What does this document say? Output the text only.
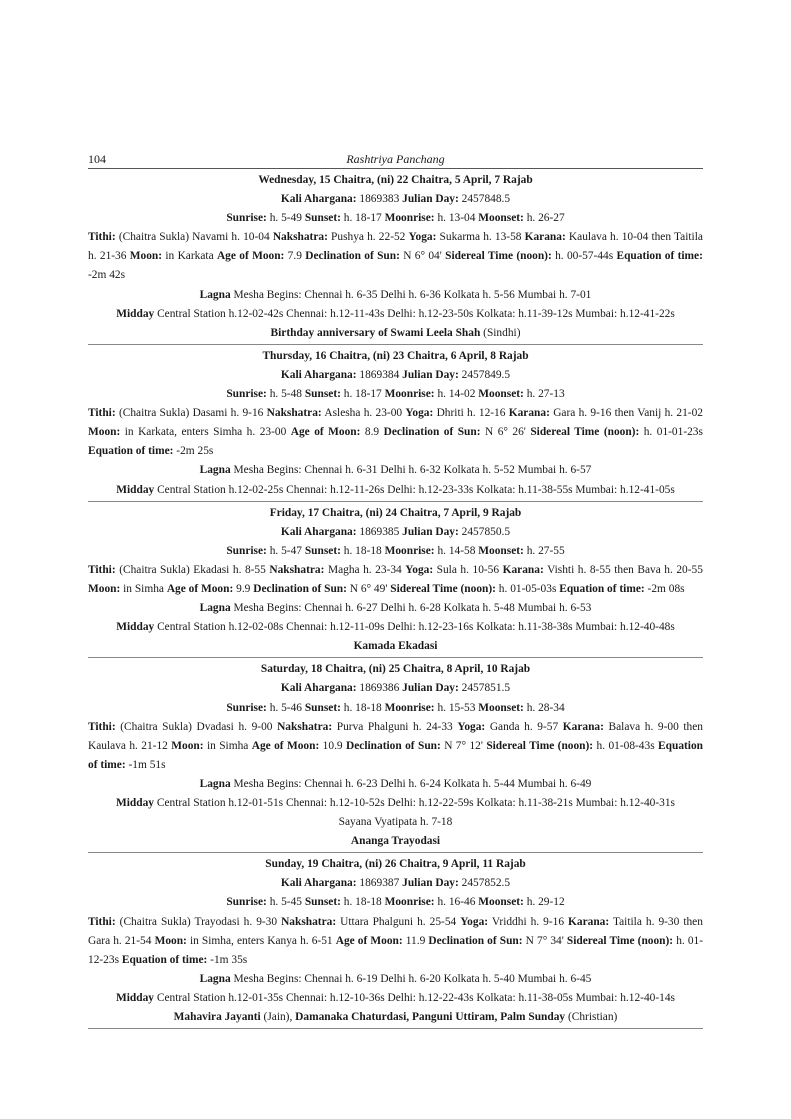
104	Rashtriya Panchang

Wednesday, 15 Chaitra, (ni) 22 Chaitra, 5 April, 7 Rajab

Kali Ahargana: 1869383 Julian Day: 2457848.5

Sunrise: h. 5-49 Sunset: h. 18-17 Moonrise: h. 13-04 Moonset: h. 26-27

Tithi: (Chaitra Sukla) Navami h. 10-04 Nakshatra: Pushya h. 22-52 Yoga: Sukarma h. 13-58 Karana: Kaulava h. 10-04 then Taitila h. 21-36 Moon: in Karkata Age of Moon: 7.9 Declination of Sun: N 6° 04' Sidereal Time (noon): h. 00-57-44s Equation of time: -2m 42s

Lagna Mesha Begins: Chennai h. 6-35 Delhi h. 6-36 Kolkata h. 5-56 Mumbai h. 7-01

Midday Central Station h.12-02-42s Chennai: h.12-11-43s Delhi: h.12-23-50s Kolkata: h.11-39-12s Mumbai: h.12-41-22s

Birthday anniversary of Swami Leela Shah (Sindhi)

Thursday, 16 Chaitra, (ni) 23 Chaitra, 6 April, 8 Rajab

Kali Ahargana: 1869384 Julian Day: 2457849.5

Sunrise: h. 5-48 Sunset: h. 18-17 Moonrise: h. 14-02 Moonset: h. 27-13

Tithi: (Chaitra Sukla) Dasami h. 9-16 Nakshatra: Aslesha h. 23-00 Yoga: Dhriti h. 12-16 Karana: Gara h. 9-16 then Vanij h. 21-02 Moon: in Karkata, enters Simha h. 23-00 Age of Moon: 8.9 Declination of Sun: N 6° 26' Sidereal Time (noon): h. 01-01-23s Equation of time: -2m 25s

Lagna Mesha Begins: Chennai h. 6-31 Delhi h. 6-32 Kolkata h. 5-52 Mumbai h. 6-57

Midday Central Station h.12-02-25s Chennai: h.12-11-26s Delhi: h.12-23-33s Kolkata: h.11-38-55s Mumbai: h.12-41-05s

Friday, 17 Chaitra, (ni) 24 Chaitra, 7 April, 9 Rajab

Kali Ahargana: 1869385 Julian Day: 2457850.5

Sunrise: h. 5-47 Sunset: h. 18-18 Moonrise: h. 14-58 Moonset: h. 27-55

Tithi: (Chaitra Sukla) Ekadasi h. 8-55 Nakshatra: Magha h. 23-34 Yoga: Sula h. 10-56 Karana: Vishti h. 8-55 then Bava h. 20-55 Moon: in Simha Age of Moon: 9.9 Declination of Sun: N 6° 49' Sidereal Time (noon): h. 01-05-03s Equation of time: -2m 08s

Lagna Mesha Begins: Chennai h. 6-27 Delhi h. 6-28 Kolkata h. 5-48 Mumbai h. 6-53

Midday Central Station h.12-02-08s Chennai: h.12-11-09s Delhi: h.12-23-16s Kolkata: h.11-38-38s Mumbai: h.12-40-48s

Kamada Ekadasi

Saturday, 18 Chaitra, (ni) 25 Chaitra, 8 April, 10 Rajab

Kali Ahargana: 1869386 Julian Day: 2457851.5

Sunrise: h. 5-46 Sunset: h. 18-18 Moonrise: h. 15-53 Moonset: h. 28-34

Tithi: (Chaitra Sukla) Dvadasi h. 9-00 Nakshatra: Purva Phalguni h. 24-33 Yoga: Ganda h. 9-57 Karana: Balava h. 9-00 then Kaulava h. 21-12 Moon: in Simha Age of Moon: 10.9 Declination of Sun: N 7° 12' Sidereal Time (noon): h. 01-08-43s Equation of time: -1m 51s

Lagna Mesha Begins: Chennai h. 6-23 Delhi h. 6-24 Kolkata h. 5-44 Mumbai h. 6-49

Midday Central Station h.12-01-51s Chennai: h.12-10-52s Delhi: h.12-22-59s Kolkata: h.11-38-21s Mumbai: h.12-40-31s

Sayana Vyatipata h. 7-18

Ananga Trayodasi

Sunday, 19 Chaitra, (ni) 26 Chaitra, 9 April, 11 Rajab

Kali Ahargana: 1869387 Julian Day: 2457852.5

Sunrise: h. 5-45 Sunset: h. 18-18 Moonrise: h. 16-46 Moonset: h. 29-12

Tithi: (Chaitra Sukla) Trayodasi h. 9-30 Nakshatra: Uttara Phalguni h. 25-54 Yoga: Vriddhi h. 9-16 Karana: Taitila h. 9-30 then Gara h. 21-54 Moon: in Simha, enters Kanya h. 6-51 Age of Moon: 11.9 Declination of Sun: N 7° 34' Sidereal Time (noon): h. 01-12-23s Equation of time: -1m 35s

Lagna Mesha Begins: Chennai h. 6-19 Delhi h. 6-20 Kolkata h. 5-40 Mumbai h. 6-45

Midday Central Station h.12-01-35s Chennai: h.12-10-36s Delhi: h.12-22-43s Kolkata: h.11-38-05s Mumbai: h.12-40-14s

Mahavira Jayanti (Jain), Damanaka Chaturdasi, Panguni Uttiram, Palm Sunday (Christian)
